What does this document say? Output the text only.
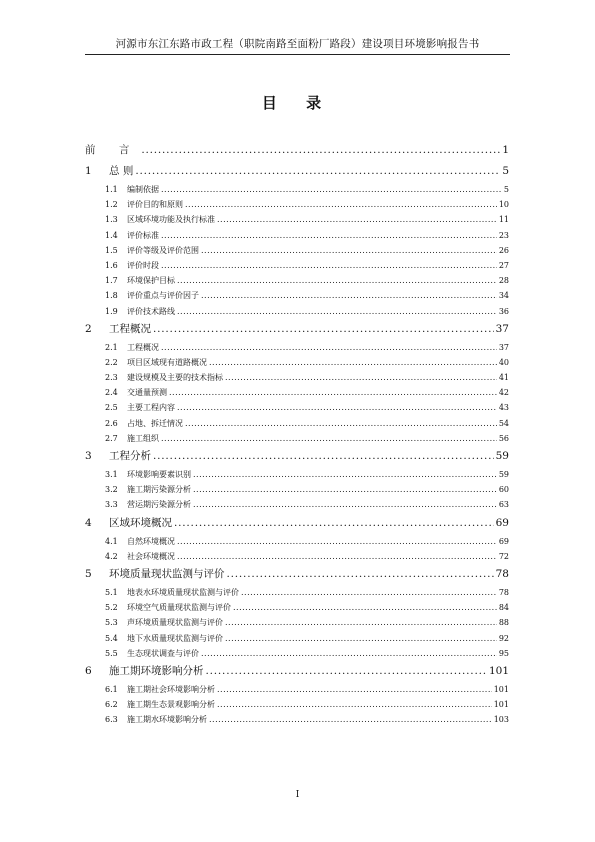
河源市东江东路市政工程（职院南路至面粉厂路段）建设项目环境影响报告书
目 录
前 言 .....	1
1	总 则 .....	5
1.1	编制依据 .....	5
1.2	评价目的和原则 .....	10
1.3	区域环境功能及执行标准 .....	11
1.4	评价标准 .....	23
1.5	评价等级及评价范围 .....	26
1.6	评价时段 .....	27
1.7	环境保护目标 .....	28
1.8	评价重点与评价因子 .....	34
1.9	评价技术路线 .....	36
2	工程概况 .....	37
2.1	工程概况 .....	37
2.2	项目区域现有道路概况 .....	40
2.3	建设规模及主要的技术指标 .....	41
2.4	交通量预测 .....	42
2.5	主要工程内容 .....	43
2.6	占地、拆迁情况 .....	54
2.7	施工组织 .....	56
3	工程分析 .....	59
3.1	环境影响要素识别 .....	59
3.2	施工期污染源分析 .....	60
3.3	营运期污染源分析 .....	63
4	区域环境概况 .....	69
4.1	自然环境概况 .....	69
4.2	社会环境概况 .....	72
5	环境质量现状监测与评价 .....	78
5.1	地表水环境质量现状监测与评价 .....	78
5.2	环境空气质量现状监测与评价 .....	84
5.3	声环境质量现状监测与评价 .....	88
5.4	地下水质量现状监测与评价 .....	92
5.5	生态现状调查与评价 .....	95
6	施工期环境影响分析 .....	101
6.1	施工期社会环境影响分析 .....	101
6.2	施工期生态景观影响分析 .....	101
6.3	施工期水环境影响分析 .....	103
I
